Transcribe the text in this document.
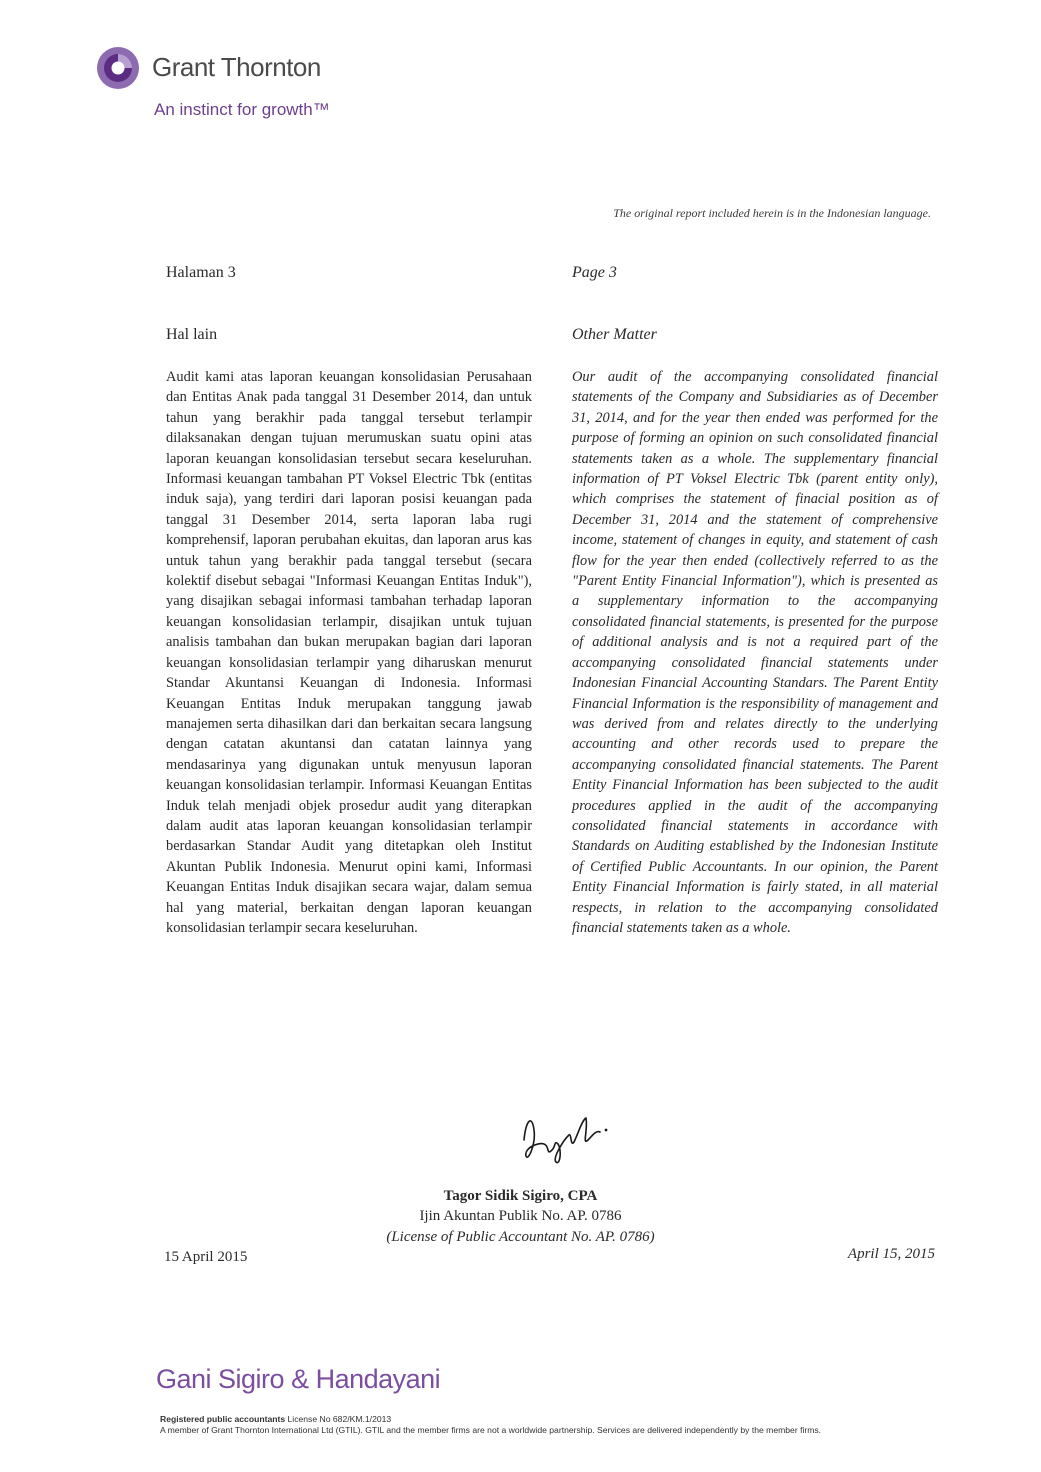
Grant Thornton
An instinct for growth™
The original report included herein is in the Indonesian language.
Halaman 3
Hal lain

Audit kami atas laporan keuangan konsolidasian Perusahaan dan Entitas Anak pada tanggal 31 Desember 2014, dan untuk tahun yang berakhir pada tanggal tersebut terlampir dilaksanakan dengan tujuan merumuskan suatu opini atas laporan keuangan konsolidasian tersebut secara keseluruhan. Informasi keuangan tambahan PT Voksel Electric Tbk (entitas induk saja), yang terdiri dari laporan posisi keuangan pada tanggal 31 Desember 2014, serta laporan laba rugi komprehensif, laporan perubahan ekuitas, dan laporan arus kas untuk tahun yang berakhir pada tanggal tersebut (secara kolektif disebut sebagai "Informasi Keuangan Entitas Induk"), yang disajikan sebagai informasi tambahan terhadap laporan keuangan konsolidasian terlampir, disajikan untuk tujuan analisis tambahan dan bukan merupakan bagian dari laporan keuangan konsolidasian terlampir yang diharuskan menurut Standar Akuntansi Keuangan di Indonesia. Informasi Keuangan Entitas Induk merupakan tanggung jawab manajemen serta dihasilkan dari dan berkaitan secara langsung dengan catatan akuntansi dan catatan lainnya yang mendasarinya yang digunakan untuk menyusun laporan keuangan konsolidasian terlampir. Informasi Keuangan Entitas Induk telah menjadi objek prosedur audit yang diterapkan dalam audit atas laporan keuangan konsolidasian terlampir berdasarkan Standar Audit yang ditetapkan oleh Institut Akuntan Publik Indonesia. Menurut opini kami, Informasi Keuangan Entitas Induk disajikan secara wajar, dalam semua hal yang material, berkaitan dengan laporan keuangan konsolidasian terlampir secara keseluruhan.

Page 3
Other Matter

Our audit of the accompanying consolidated financial statements of the Company and Subsidiaries as of December 31, 2014, and for the year then ended was performed for the purpose of forming an opinion on such consolidated financial statements taken as a whole. The supplementary financial information of PT Voksel Electric Tbk (parent entity only), which comprises the statement of finacial position as of December 31, 2014 and the statement of comprehensive income, statement of changes in equity, and statement of cash flow for the year then ended (collectively referred to as the "Parent Entity Financial Information"), which is presented as a supplementary information to the accompanying consolidated financial statements, is presented for the purpose of additional analysis and is not a required part of the accompanying consolidated financial statements under Indonesian Financial Accounting Standars. The Parent Entity Financial Information is the responsibility of management and was derived from and relates directly to the underlying accounting and other records used to prepare the accompanying consolidated financial statements. The Parent Entity Financial Information has been subjected to the audit procedures applied in the audit of the accompanying consolidated financial statements in accordance with Standards on Auditing established by the Indonesian Institute of Certified Public Accountants. In our opinion, the Parent Entity Financial Information is fairly stated, in all material respects, in relation to the accompanying consolidated financial statements taken as a whole.

Tagor Sidik Sigiro, CPA
Ijin Akuntan Publik No. AP. 0786
(License of Public Accountant No. AP. 0786)
15 April 2015	April 15, 2015
Gani Sigiro & Handayani
Registered public accountants License No 682/KM.1/2013
A member of Grant Thornton International Ltd (GTIL). GTIL and the member firms are not a worldwide partnership. Services are delivered independently by the member firms.
